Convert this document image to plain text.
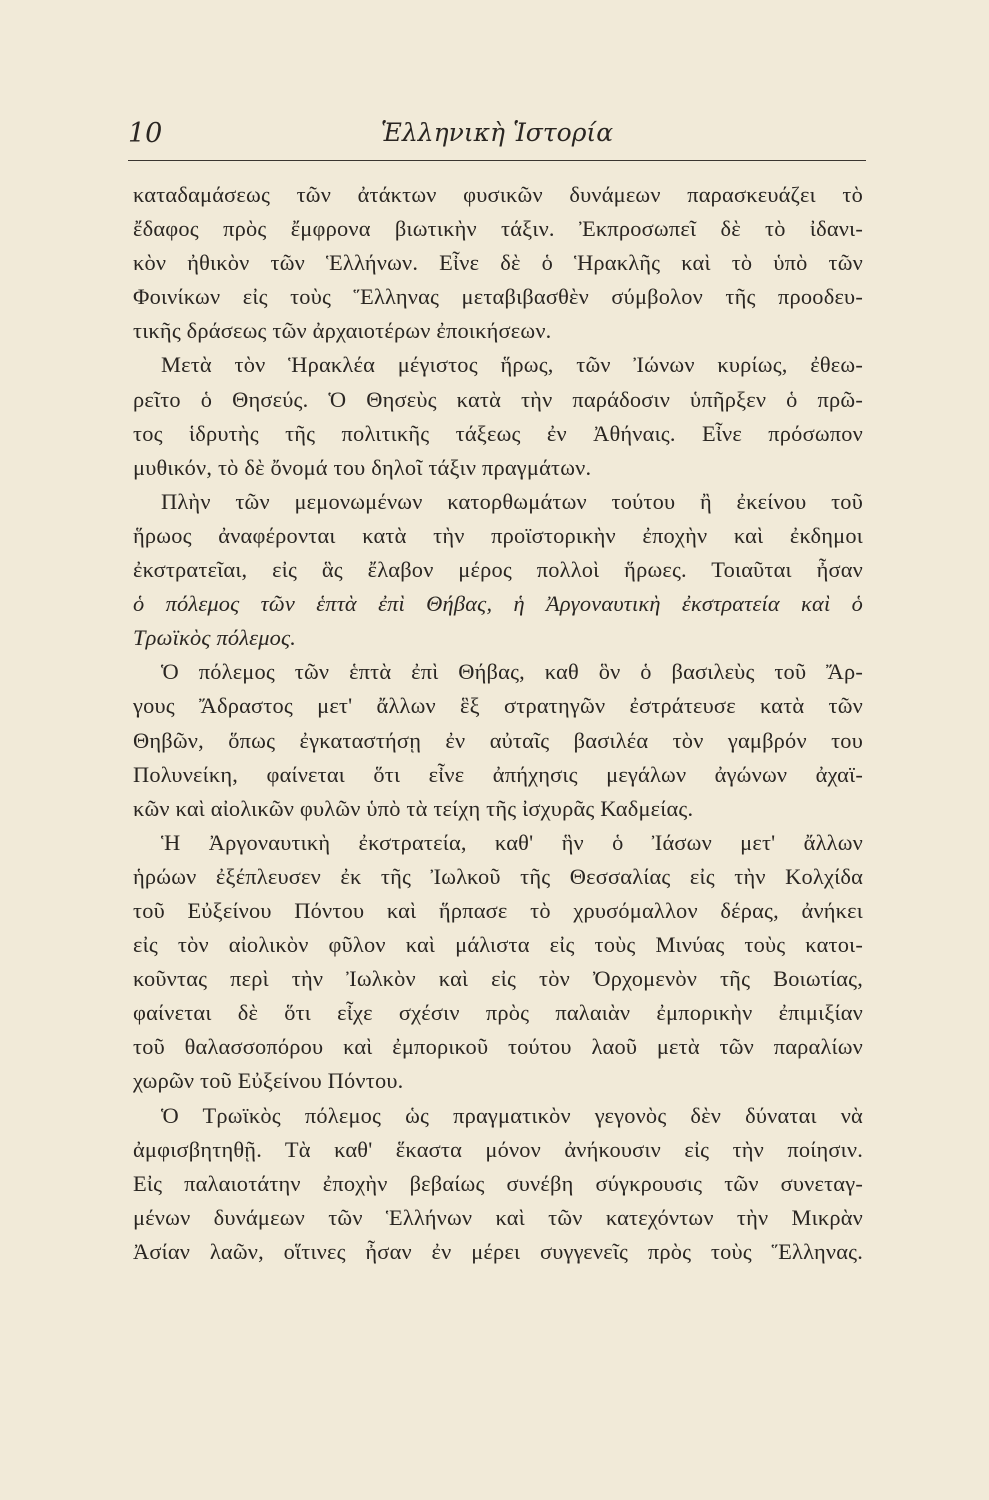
10	Ἑλληνικὴ Ἱστορία
καταδαμάσεως τῶν ἀτάκτων φυσικῶν δυνάμεων παρασκευάζει τὸ
ἔδαφος πρὸς ἔμφρονα βιωτικὴν τάξιν. Ἐκπροσωπεῖ δὲ τὸ ἰδανι-
κὸν ἠθικὸν τῶν Ἑλλήνων. Εἶνε δὲ ὁ Ἡρακλῆς καὶ τὸ ὑπὸ τῶν
Φοινίκων εἰς τοὺς Ἕλληνας μεταβιβασθὲν σύμβολον τῆς προοδευ-
τικῆς δράσεως τῶν ἀρχαιοτέρων ἐποικήσεων.
Μετὰ τὸν Ἡρακλέα μέγιστος ἥρως, τῶν Ἰώνων κυρίως, ἐθεω-
ρεῖτο ὁ Θησεύς. Ὁ Θησεὺς κατὰ τὴν παράδοσιν ὑπῆρξεν ὁ πρῶ-
τος ἱδρυτὴς τῆς πολιτικῆς τάξεως ἐν Ἀθήναις. Εἶνε πρόσωπον
μυθικόν, τὸ δὲ ὄνομά του δηλοῖ τάξιν πραγμάτων.
Πλὴν τῶν μεμονωμένων κατορθωμάτων τούτου ἢ ἐκείνου τοῦ
ἥρωος ἀναφέρονται κατὰ τὴν προϊστορικὴν ἐποχὴν καὶ ἐκδημοι
ἐκστρατεῖαι, εἰς ἃς ἔλαβον μέρος πολλοὶ ἥρωες. Τοιαῦται ἦσαν
ὁ πόλεμος τῶν ἑπτὰ ἐπὶ Θήβας, ἡ Ἀργοναυτικὴ ἐκστρατεία καὶ ὁ
Τρωϊκὸς πόλεμος.
Ὁ πόλεμος τῶν ἑπτὰ ἐπὶ Θήβας, καθ ὃν ὁ βασιλεὺς τοῦ Ἄρ-
γους Ἄδραστος μετ' ἄλλων ἓξ στρατηγῶν ἐστράτευσε κατὰ τῶν
Θηβῶν, ὅπως ἐγκαταστήσῃ ἐν αὐταῖς βασιλέα τὸν γαμβρόν του
Πολυνείκη, φαίνεται ὅτι εἶνε ἀπήχησις μεγάλων ἀγώνων ἀχαϊ-
κῶν καὶ αἰολικῶν φυλῶν ὑπὸ τὰ τείχη τῆς ἰσχυρᾶς Καδμείας.
Ἡ Ἀργοναυτικὴ ἐκστρατεία, καθ' ἣν ὁ Ἰάσων μετ' ἄλλων
ἡρώων ἐξέπλευσεν ἐκ τῆς Ἰωλκοῦ τῆς Θεσσαλίας εἰς τὴν Κολχίδα
τοῦ Εὐξείνου Πόντου καὶ ἥρπασε τὸ χρυσόμαλλον δέρας, ἀνήκει
εἰς τὸν αἰολικὸν φῦλον καὶ μάλιστα εἰς τοὺς Μινύας τοὺς κατοι-
κοῦντας περὶ τὴν Ἰωλκὸν καὶ εἰς τὸν Ὀρχομενὸν τῆς Βοιωτίας,
φαίνεται δὲ ὅτι εἶχε σχέσιν πρὸς παλαιὰν ἐμπορικὴν ἐπιμιξίαν
τοῦ θαλασσοπόρου καὶ ἐμπορικοῦ τούτου λαοῦ μετὰ τῶν παραλίων
χωρῶν τοῦ Εὐξείνου Πόντου.
Ὁ Τρωϊκὸς πόλεμος ὡς πραγματικὸν γεγονὸς δὲν δύναται νὰ
ἀμφισβητηθῇ. Τὰ καθ' ἕκαστα μόνον ἀνήκουσιν εἰς τὴν ποίησιν.
Εἰς παλαιοτάτην ἐποχὴν βεβαίως συνέβη σύγκρουσις τῶν συνεταγ-
μένων δυνάμεων τῶν Ἑλλήνων καὶ τῶν κατεχόντων τὴν Μικρὰν
Ἀσίαν λαῶν, οἵτινες ἦσαν ἐν μέρει συγγενεῖς πρὸς τοὺς Ἕλληνας.
